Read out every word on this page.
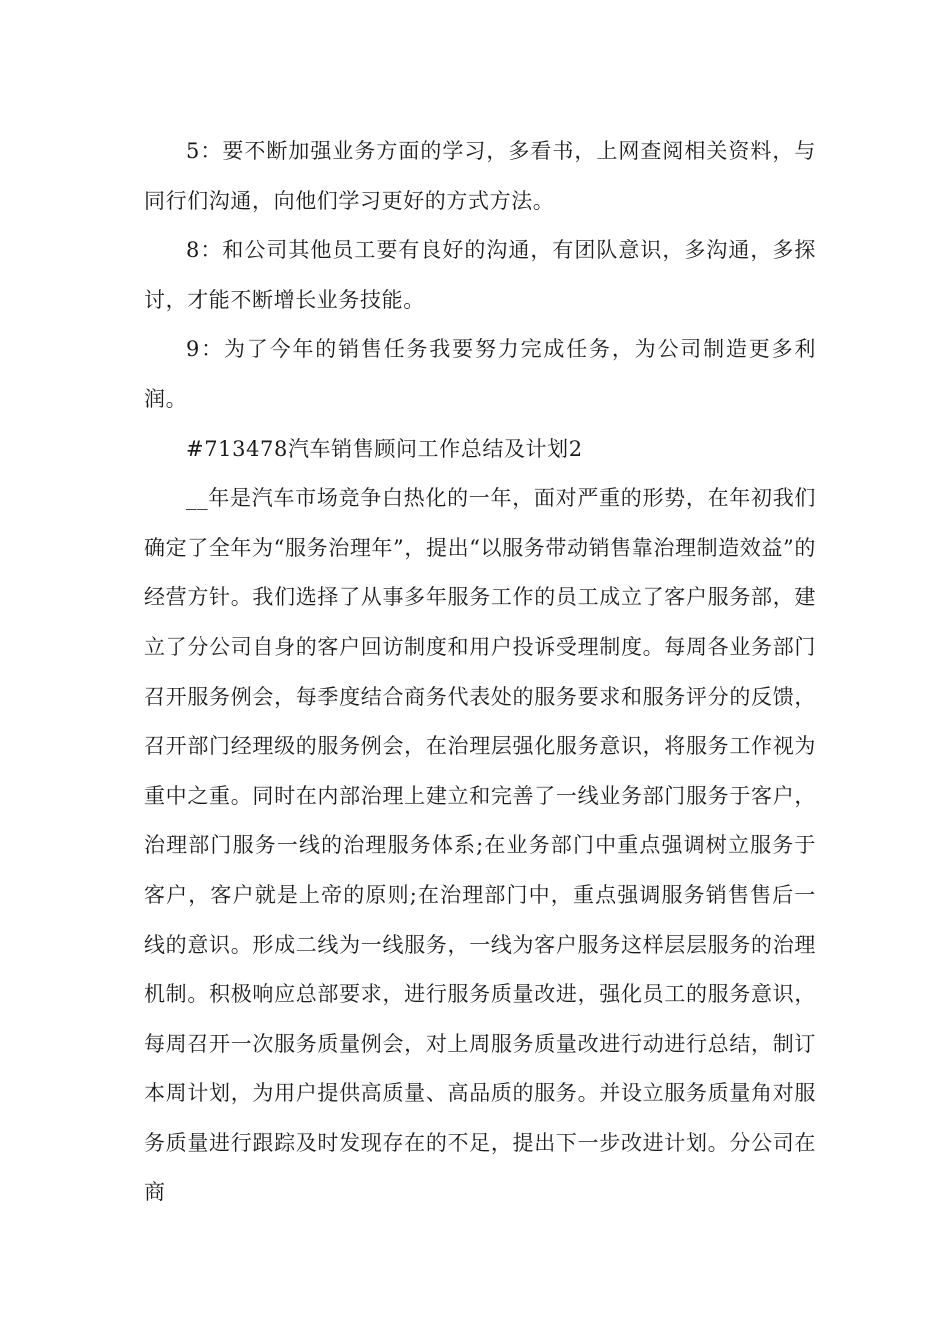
5：要不断加强业务方面的学习，多看书，上网查阅相关资料，与同行们沟通，向他们学习更好的方式方法。

8：和公司其他员工要有良好的沟通，有团队意识，多沟通，多探讨，才能不断增长业务技能。

9：为了今年的销售任务我要努力完成任务，为公司制造更多利润。

#713478汽车销售顾问工作总结及计划2

__年是汽车市场竞争白热化的一年，面对严重的形势，在年初我们确定了全年为“服务治理年”，提出“以服务带动销售靠治理制造效益”的经营方针。我们选择了从事多年服务工作的员工成立了客户服务部，建立了分公司自身的客户回访制度和用户投诉受理制度。每周各业务部门召开服务例会，每季度结合商务代表处的服务要求和服务评分的反馈，召开部门经理级的服务例会，在治理层强化服务意识，将服务工作视为重中之重。同时在内部治理上建立和完善了一线业务部门服务于客户，治理部门服务一线的治理服务体系;在业务部门中重点强调树立服务于客户，客户就是上帝的原则;在治理部门中，重点强调服务销售售后一线的意识。形成二线为一线服务，一线为客户服务这样层层服务的治理机制。积极响应总部要求，进行服务质量改进，强化员工的服务意识，每周召开一次服务质量例会，对上周服务质量改进行动进行总结，制订本周计划，为用户提供高质量、高品质的服务。并设立服务质量角对服务质量进行跟踪及时发现存在的不足，提出下一步改进计划。分公司在商
